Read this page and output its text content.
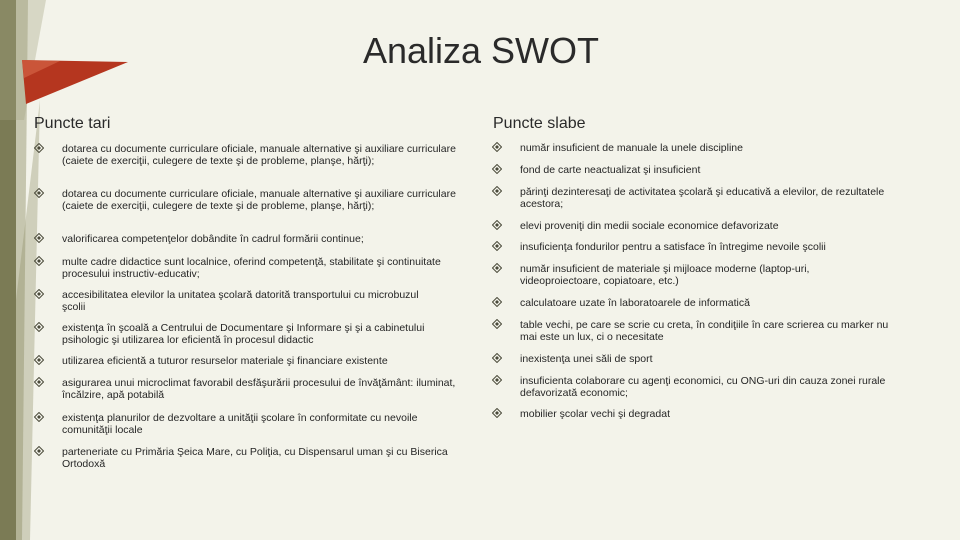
Analiza SWOT
Puncte tari	Puncte slabe
dotarea cu documente curriculare oficiale, manuale alternative şi auxiliare curriculare (caiete de exerciţii, culegere de texte şi de probleme, planşe, hărţi);
dotarea cu documente curriculare oficiale, manuale alternative şi auxiliare curriculare (caiete de exerciţii, culegere de texte şi de probleme, planşe, hărţi);
valorificarea competenţelor dobândite în cadrul formării continue;
multe cadre didactice sunt localnice, oferind competenţă, stabilitate şi continuitate procesului instructiv-educativ;
accesibilitatea elevilor la unitatea şcolară datorită transportului cu microbuzul şcolii
existenţa în şcoală a Centrului de Documentare şi Informare şi şi a cabinetului psihologic şi utilizarea lor eficientă în procesul didactic
utilizarea eficientă a tuturor resurselor materiale şi financiare existente
asigurarea unui microclimat favorabil desfăşurării procesului de învăţământ: iluminat, încălzire, apă potabilă
existenţa planurilor de dezvoltare a unităţii şcolare în conformitate cu nevoile comunităţii locale
parteneriate cu Primăria Şeica Mare, cu Poliţia, cu Dispensarul uman şi cu Biserica Ortodoxă
număr insuficient de manuale la unele discipline
fond de carte neactualizat şi insuficient
părinţi dezinteresaţi de activitatea şcolară şi educativă a elevilor, de rezultatele acestora;
elevi proveniţi din medii sociale economice defavorizate
insuficienţa fondurilor pentru a satisface în întregime nevoile şcolii
număr insuficient de materiale şi mijloace moderne (laptop-uri, videoproiectoare, copiatoare, etc.)
calculatoare uzate în laboratoarele de informatică
table vechi, pe care se scrie cu creta, în condiţiile în care scrierea cu marker nu mai este un lux, ci o necesitate
inexistenţa unei săli de sport
insuficienta colaborare cu agenţi economici, cu ONG-uri din cauza zonei rurale defavorizată economic;
mobilier şcolar vechi şi degradat
